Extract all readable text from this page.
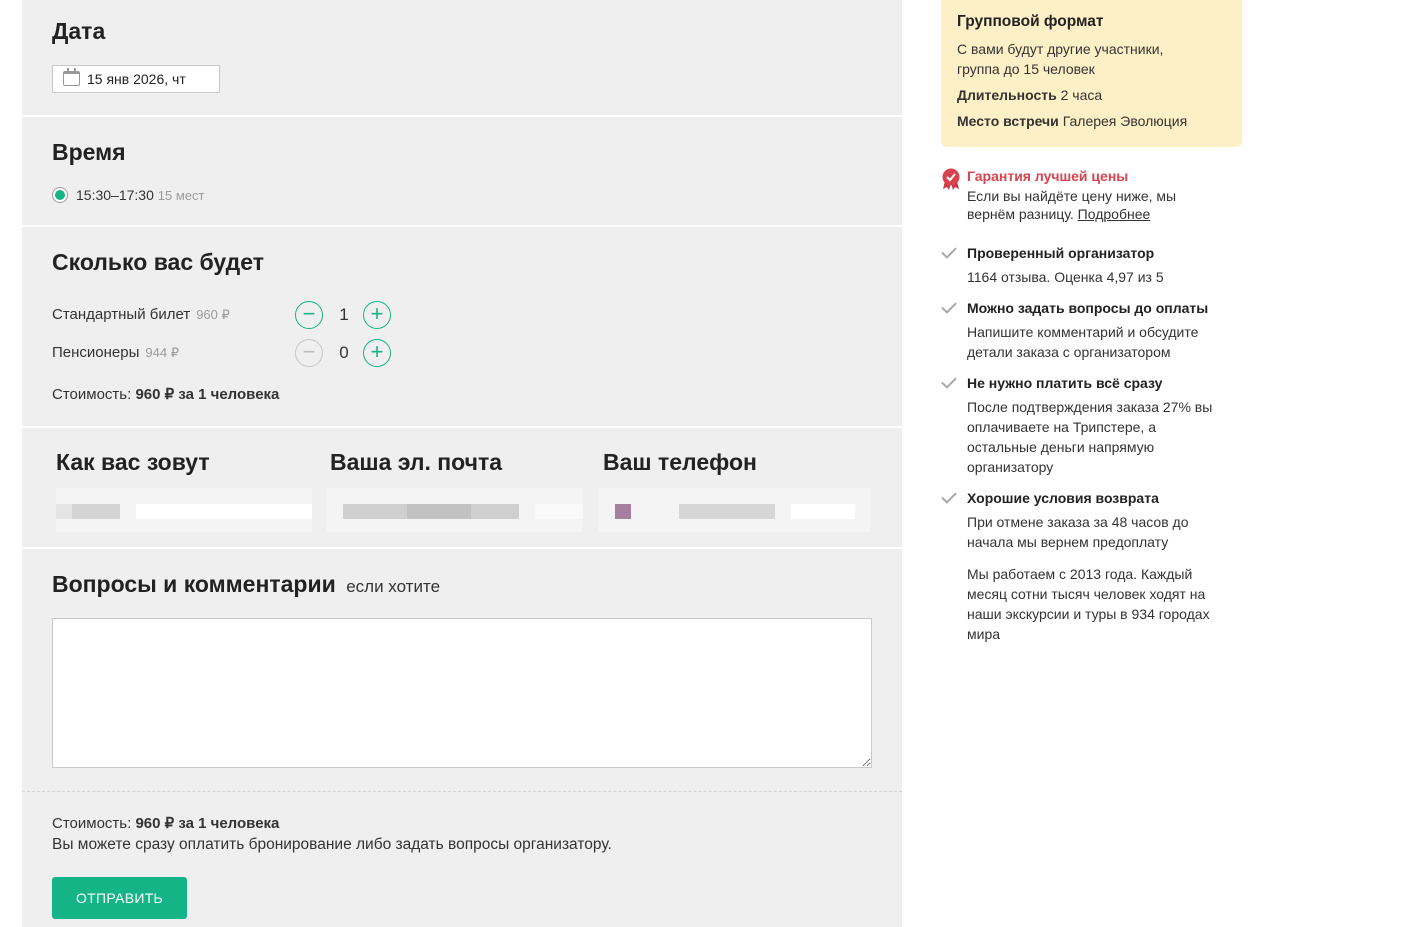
Дата
15 янв 2026, чт
Время
15:30–17:30 15 мест
Сколько вас будет
Стандартный билет 960 ₽	−	1 +
Пенсионеры 944 ₽	−	0 +
Стоимость: 960 ₽ за 1 человека
Как вас зовут	Ваша эл. почта	Ваш телефон
Вопросы и комментарии если хотите
Стоимость: 960 ₽ за 1 человека
Вы можете сразу оплатить бронирование либо задать вопросы организатору.
ОТПРАВИТЬ
Групповой формат
С вами будут другие участники,
группа до 15 человек
Длительность 2 часа
Место встречи Галерея Эволюция
Гарантия лучшей цены
Если вы найдёте цену ниже, мы
вернём разницу. Подробнее
Проверенный организатор
1164 отзыва. Оценка 4,97 из 5
Можно задать вопросы до оплаты
Напишите комментарий и обсудите
детали заказа с организатором
Не нужно платить всё сразу
После подтверждения заказа 27% вы
оплачиваете на Трипстере, а
остальные деньги напрямую
организатору
Хорошие условия возврата
При отмене заказа за 48 часов до
начала мы вернем предоплату
Мы работаем с 2013 года. Каждый
месяц сотни тысяч человек ходят на
наши экскурсии и туры в 934 городах
мира
